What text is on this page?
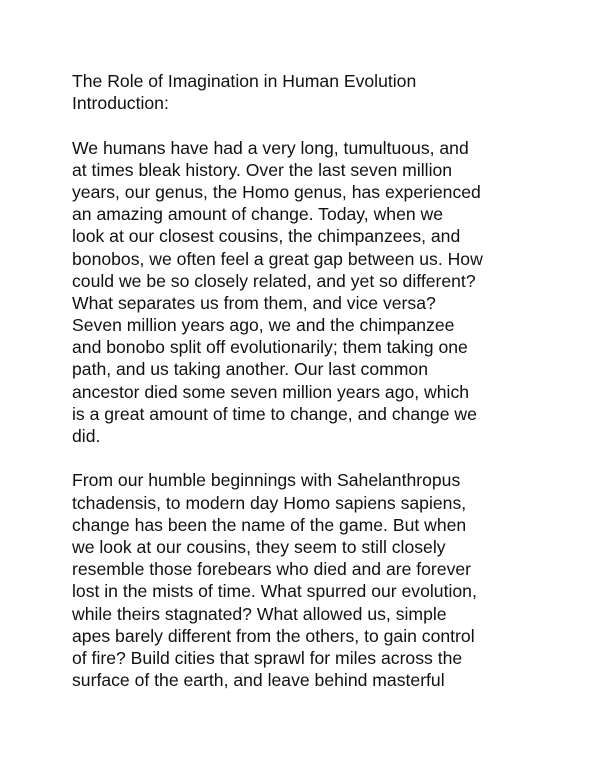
The Role of Imagination in Human Evolution
Introduction:
We humans have had a very long, tumultuous, and
at times bleak history. Over the last seven million
years, our genus, the Homo genus, has experienced
an amazing amount of change. Today, when we
look at our closest cousins, the chimpanzees, and
bonobos, we often feel a great gap between us. How
could we be so closely related, and yet so different?
What separates us from them, and vice versa?
Seven million years ago, we and the chimpanzee
and bonobo split off evolutionarily; them taking one
path, and us taking another. Our last common
ancestor died some seven million years ago, which
is a great amount of time to change, and change we
did.
From our humble beginnings with Sahelanthropus
tchadensis, to modern day Homo sapiens sapiens,
change has been the name of the game. But when
we look at our cousins, they seem to still closely
resemble those forebears who died and are forever
lost in the mists of time. What spurred our evolution,
while theirs stagnated? What allowed us, simple
apes barely different from the others, to gain control
of fire? Build cities that sprawl for miles across the
surface of the earth, and leave behind masterful
